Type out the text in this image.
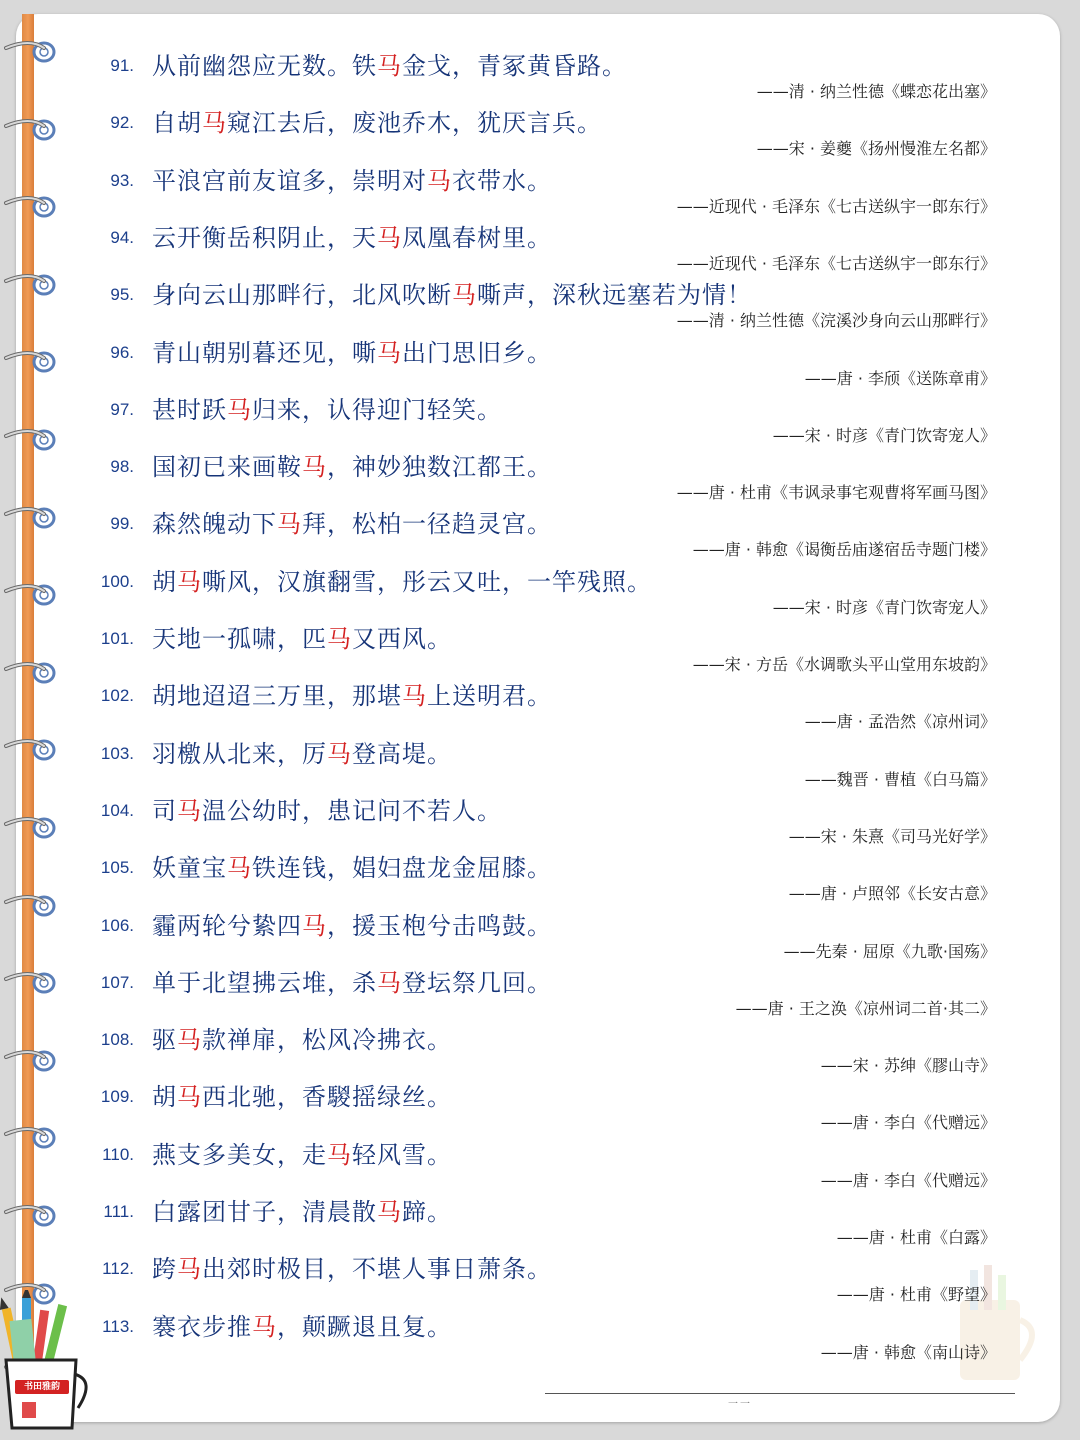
91. 从前幽怨应无数。铁马金戈，青冢黄昏路。
——清 · 纳兰性德《蝶恋花出塞》
92. 自胡马窥江去后，废池乔木，犹厌言兵。
——宋 · 姜夔《扬州慢淮左名都》
93. 平浪宫前友谊多，崇明对马衣带水。
——近现代 · 毛泽东《七古送纵宇一郎东行》
94. 云开衡岳积阴止，天马凤凰春树里。
——近现代 · 毛泽东《七古送纵宇一郎东行》
95. 身向云山那畔行，北风吹断马嘶声，深秋远塞若为情！
——清 · 纳兰性德《浣溪沙身向云山那畔行》
96. 青山朝别暮还见，嘶马出门思旧乡。
——唐 · 李颀《送陈章甫》
97. 甚时跃马归来，认得迎门轻笑。
——宋 · 时彦《青门饮寄宠人》
98. 国初已来画鞍马，神妙独数江都王。
——唐 · 杜甫《韦讽录事宅观曹将军画马图》
99. 森然魄动下马拜，松柏一径趋灵宫。
——唐 · 韩愈《谒衡岳庙遂宿岳寺题门楼》
100. 胡马嘶风，汉旗翻雪，彤云又吐，一竿残照。
——宋 · 时彦《青门饮寄宠人》
101. 天地一孤啸，匹马又西风。
——宋 · 方岳《水调歌头平山堂用东坡韵》
102. 胡地迢迢三万里，那堪马上送明君。
——唐 · 孟浩然《凉州词》
103. 羽檄从北来，厉马登高堤。
——魏晋 · 曹植《白马篇》
104. 司马温公幼时，患记问不若人。
——宋 · 朱熹《司马光好学》
105. 妖童宝马铁连钱，娼妇盘龙金屈膝。
——唐 · 卢照邻《长安古意》
106. 霾两轮兮絷四马，援玉枹兮击鸣鼓。
——先秦 · 屈原《九歌·国殇》
107. 单于北望拂云堆，杀马登坛祭几回。
——唐 · 王之涣《凉州词二首·其二》
108. 驱马款禅扉，松风冷拂衣。
——宋 · 苏绅《膠山寺》
109. 胡马西北驰，香騣摇绿丝。
——唐 · 李白《代赠远》
110. 燕支多美女，走马轻风雪。
——唐 · 李白《代赠远》
111. 白露团甘子，清晨散马蹄。
——唐 · 杜甫《白露》
112. 跨马出郊时极目，不堪人事日萧条。
——唐 · 杜甫《野望》
113. 褰衣步推马，颠蹶退且复。
——唐 · 韩愈《南山诗》
一一
书田雅韵
